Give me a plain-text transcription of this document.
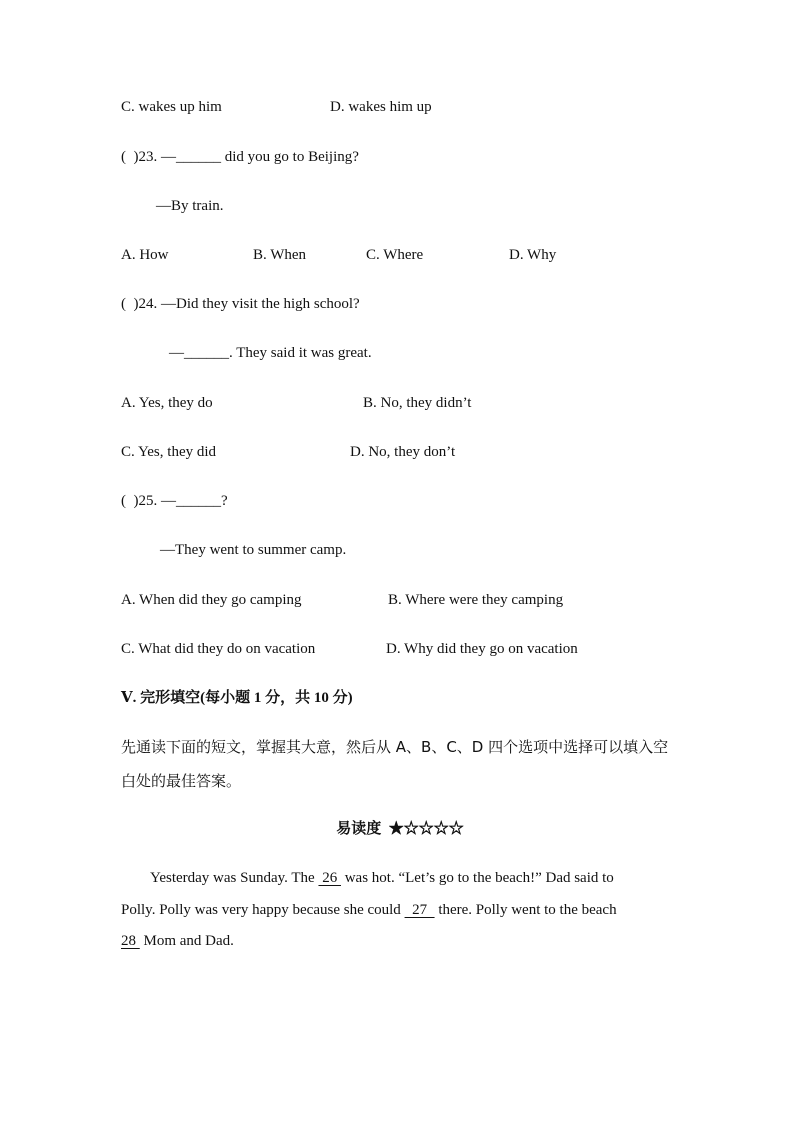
C. wakes up him	D. wakes him up
(  )23. —______ did you go to Beijing?
—By train.
A. How	B. When	C. Where	D. Why
(  )24. —Did they visit the high school?
—______. They said it was great.
A. Yes, they do	B. No, they didn’t
C. Yes, they did	D. No, they don’t
(  )25. —______?
—They went to summer camp.
A. When did they go camping	B. Where were they camping
C. What did they do on vacation	D. Why did they go on vacation
Ⅴ. 完形填空(每小题 1 分，共 10 分)
先通读下面的短文，掌握其大意，然后从 A、B、C、D 四个选项中选择可以填入空
白处的最佳答案。
易读度  ★☆☆☆☆
Yesterday was Sunday. The  26  was hot. “Let’s go to the beach!” Dad said to
Polly. Polly was very happy because she could   27   there. Polly went to the beach
28  Mom and Dad.
